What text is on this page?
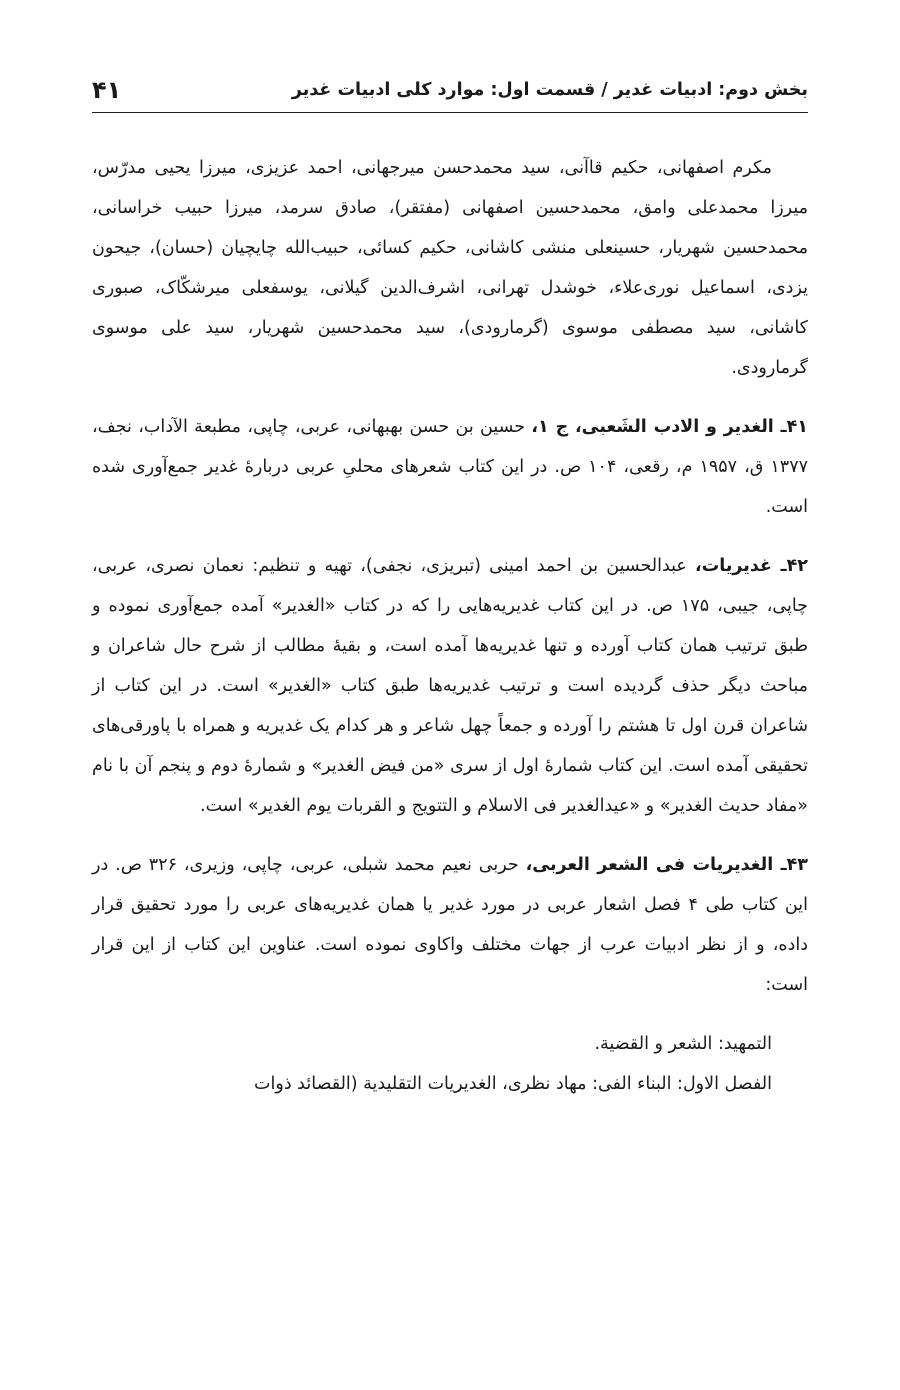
بخش دوم: ادبیات غدیر / قسمت اول: موارد کلی ادبیات غدیر
۴۱

مکرم اصفهانی، حکیم قاآنی، سید محمدحسن میرجهانی، احمد عزیزی، میرزا یحیی مدرّس، میرزا محمدعلی وامق، محمدحسین اصفهانی (مفتقر)، صادق سرمد، میرزا حبیب خراسانی، محمدحسین شهریار، حسینعلی منشی کاشانی، حکیم کسائی، حبیب‌الله چایچیان (حسان)، جیحون یزدی، اسماعیل نوری‌علاء، خوشدل تهرانی، اشرف‌الدین گیلانی، یوسفعلی میرشکّاک، صبوری کاشانی، سید مصطفی موسوی (گرمارودی)، سید محمدحسین شهریار، سید علی موسوی گرمارودی.

۴۱ـ الغدیر و الادب الشَعبی، ج ۱، حسین بن حسن بهبهانی، عربی، چاپی، مطبعة الآداب، نجف، ۱۳۷۷ ق، ۱۹۵۷ م، رقعی، ۱۰۴ ص. در این کتاب شعرهای محلیِ عربی دربارهٔ غدیر جمع‌آوری شده است.

۴۲ـ غدیریات، عبدالحسین بن احمد امینی (تبریزی، نجفی)، تهیه و تنظیم: نعمان نصری، عربی، چاپی، جیبی، ۱۷۵ ص. در این کتاب غدیریه‌هایی را که در کتاب «الغدیر» آمده جمع‌آوری نموده و طبق ترتیب همان کتاب آورده و تنها غدیریه‌ها آمده است، و بقیهٔ مطالب از شرح حال شاعران و مباحث دیگر حذف گردیده است و ترتیب غدیریه‌ها طبق کتاب «الغدیر» است. در این کتاب از شاعران قرن اول تا هشتم را آورده و جمعاً چهل شاعر و هر کدام یک غدیریه و همراه با پاورقی‌های تحقیقی آمده است. این کتاب شمارهٔ اول از سری «من فیض الغدیر» و شمارهٔ دوم و پنجم آن با نام «مفاد حدیث الغدیر» و «عیدالغدیر فی الاسلام و التتویج و القربات یوم الغدیر» است.

۴۳ـ الغدیریات فی الشعر العربی، حربی نعیم محمد شبلی، عربی، چاپی، وزیری، ۳۲۶ ص. در این کتاب طی ۴ فصل اشعار عربی در مورد غدیر یا همان غدیریه‌های عربی را مورد تحقیق قرار داده، و از نظر ادبیات عرب از جهات مختلف واکاوی نموده است. عناوین این کتاب از این قرار است:

التمهید: الشعر و القضیة.

الفصل الاول: البناء الفی: مهاد نظری، الغدیریات التقلیدیة (القصائد ذوات
